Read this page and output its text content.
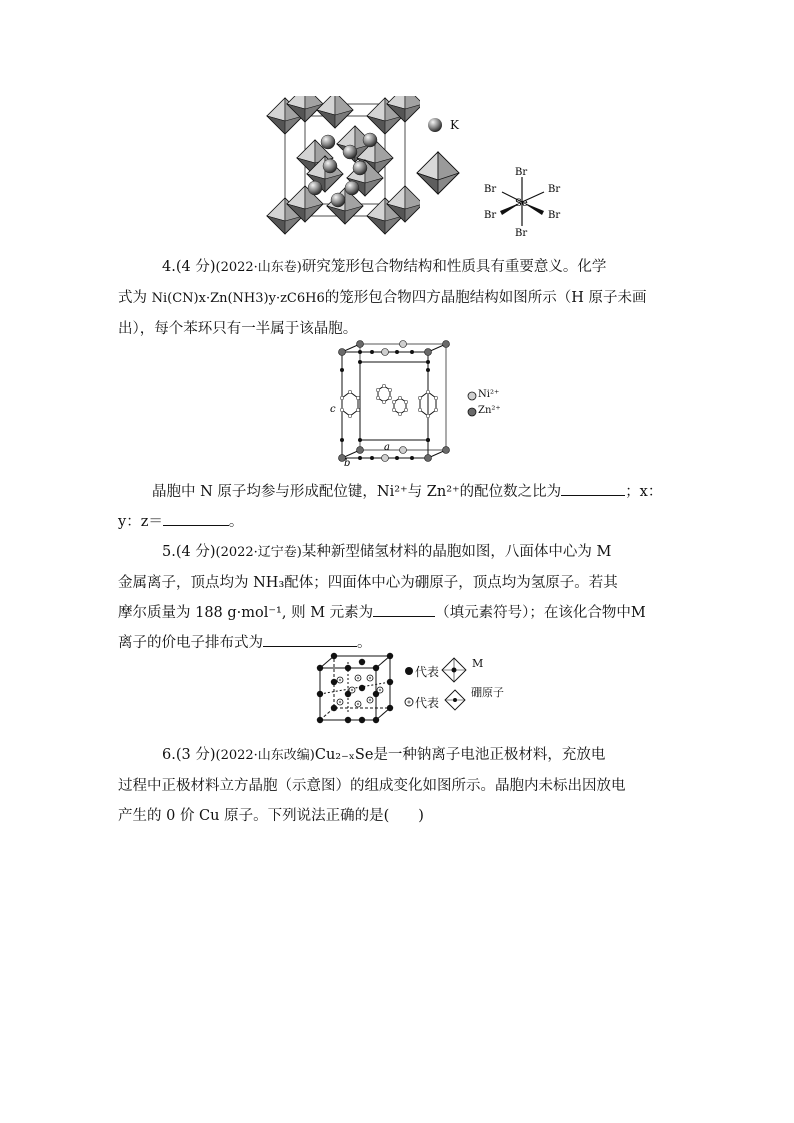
K
Se
Br
Br
Br	Br
Br	Br
4.(4 分)(2022·山东卷)研究笼形包合物结构和性质具有重要意义。化学
式为 Ni(CN)x·Zn(NH3)y·zC6H6的笼形包合物四方晶胞结构如图所示（H 原子未画
出），每个苯环只有一半属于该晶胞。
c
a
b
Ni²⁺
Zn²⁺
晶胞中 N 原子均参与形成配位键，Ni²⁺与 Zn²⁺的配位数之比为	；x：
y：z＝	。
5.(4 分)(2022·辽宁卷)某种新型储氢材料的晶胞如图，八面体中心为 M
金属离子，顶点均为 NH₃配体；四面体中心为硼原子，顶点均为氢原子。若其
摩尔质量为 188 g·mol⁻¹, 则 M 元素为	（填元素符号）；在该化合物中M
离子的价电子排布式为	。
代表
M
代表
硼原子
6.(3 分)(2022·山东改编)Cu₂₋ₓSe是一种钠离子电池正极材料，充放电
过程中正极材料立方晶胞（示意图）的组成变化如图所示。晶胞内未标出因放电
产生的 0 价 Cu 原子。下列说法正确的是(　　)
